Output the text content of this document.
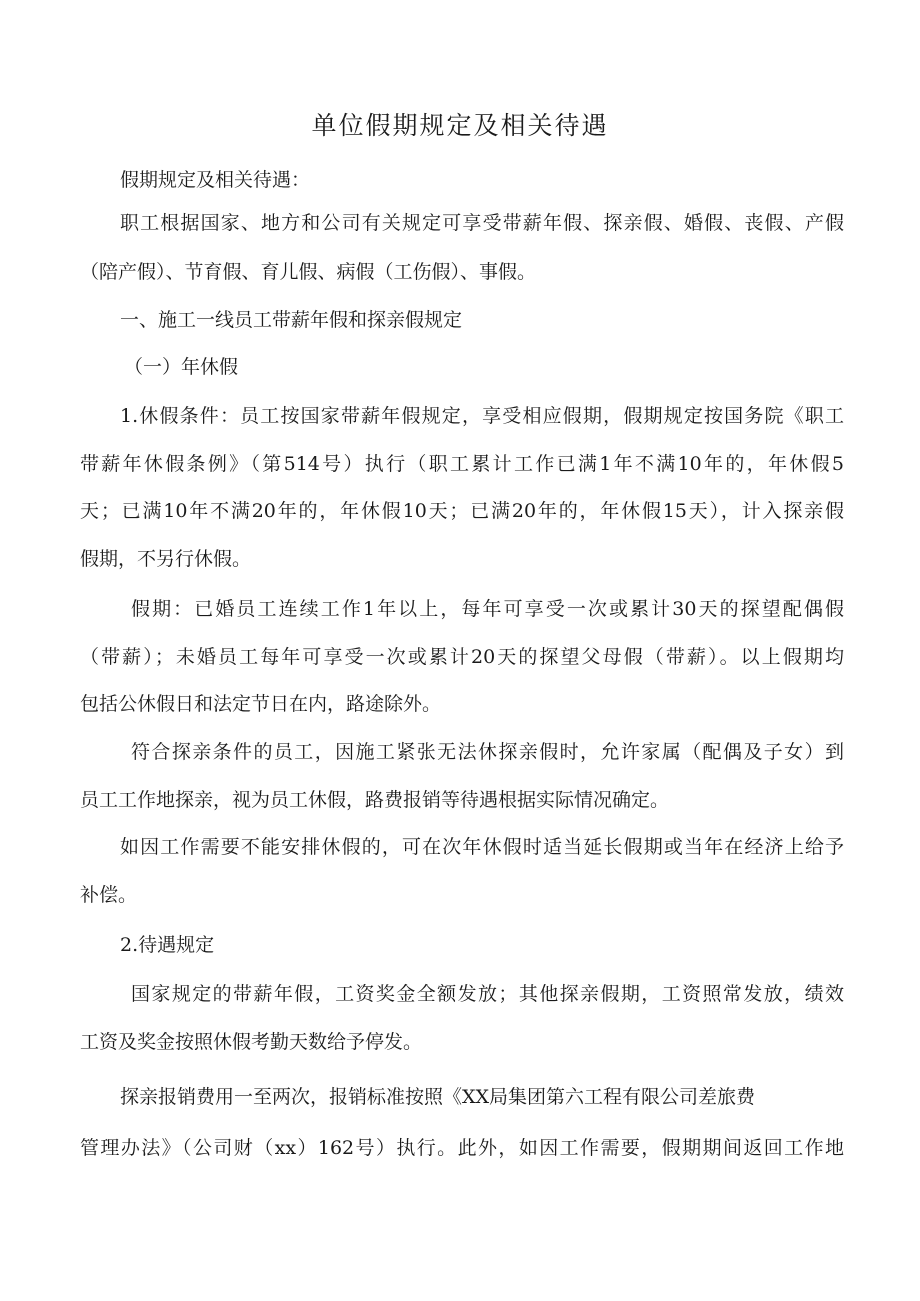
单位假期规定及相关待遇
假期规定及相关待遇：
职工根据国家、地方和公司有关规定可享受带薪年假、探亲假、婚假、丧假、产假
（陪产假）、节育假、育儿假、病假（工伤假）、事假。
一、施工一线员工带薪年假和探亲假规定
（一）年休假
1.休假条件：员工按国家带薪年假规定，享受相应假期，假期规定按国务院《职工
带薪年休假条例》（第514号）执行（职工累计工作已满1年不满10年的，年休假5
天；已满10年不满20年的，年休假10天；已满20年的，年休假15天），计入探亲假
假期，不另行休假。
假期：已婚员工连续工作1年以上，每年可享受一次或累计30天的探望配偶假
（带薪）；未婚员工每年可享受一次或累计20天的探望父母假（带薪）。以上假期均
包括公休假日和法定节日在内，路途除外。
符合探亲条件的员工，因施工紧张无法休探亲假时，允许家属（配偶及子女）到
员工工作地探亲，视为员工休假，路费报销等待遇根据实际情况确定。
如因工作需要不能安排休假的，可在次年休假时适当延长假期或当年在经济上给予
补偿。
2.待遇规定
国家规定的带薪年假，工资奖金全额发放；其他探亲假期，工资照常发放，绩效
工资及奖金按照休假考勤天数给予停发。
探亲报销费用一至两次，报销标准按照《XX局集团第六工程有限公司差旅费
管理办法》（公司财（xx）162号）执行。此外，如因工作需要，假期期间返回工作地
